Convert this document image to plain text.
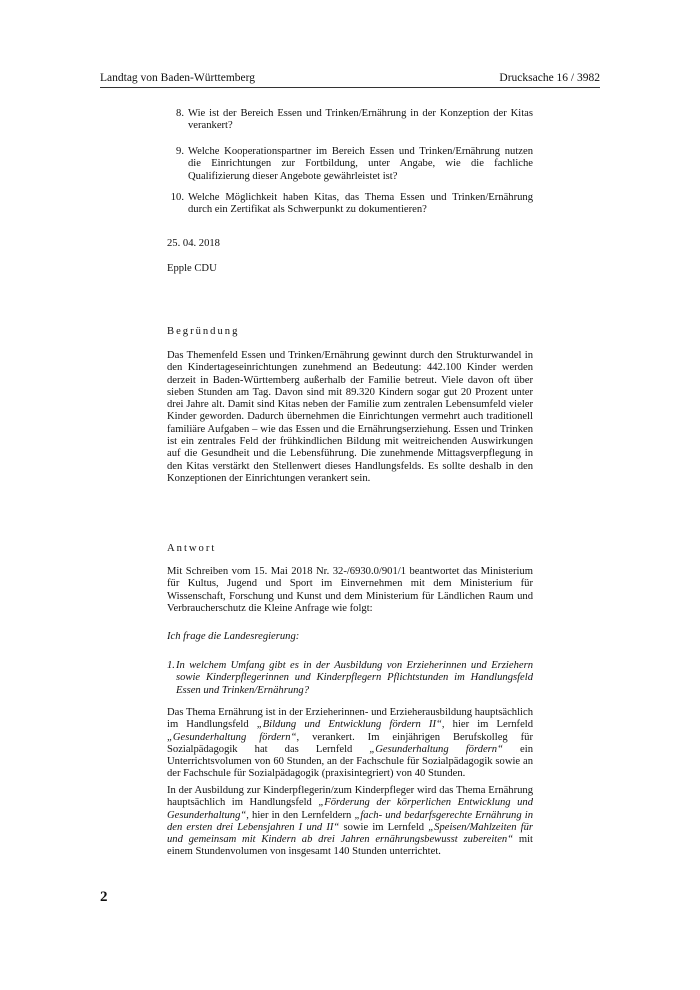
Landtag von Baden-Württemberg	Drucksache 16 / 3982
8. Wie ist der Bereich Essen und Trinken/Ernährung in der Konzeption der Kitas verankert?
9. Welche Kooperationspartner im Bereich Essen und Trinken/Ernährung nutzen die Einrichtungen zur Fortbildung, unter Angabe, wie die fachliche Qualifizierung dieser Angebote gewährleistet ist?
10. Welche Möglichkeit haben Kitas, das Thema Essen und Trinken/Ernährung durch ein Zertifikat als Schwerpunkt zu dokumentieren?
25. 04. 2018
Epple CDU
Begründung

Das Themenfeld Essen und Trinken/Ernährung gewinnt durch den Strukturwandel in den Kindertageseinrichtungen zunehmend an Bedeutung: 442.100 Kinder werden derzeit in Baden-Württemberg außerhalb der Familie betreut. Viele davon oft über sieben Stunden am Tag. Davon sind mit 89.320 Kindern sogar gut 20 Prozent unter drei Jahre alt. Damit sind Kitas neben der Familie zum zentralen Lebensumfeld vieler Kinder geworden. Dadurch übernehmen die Einrichtungen vermehrt auch traditionell familiäre Aufgaben – wie das Essen und die Ernährungserziehung. Essen und Trinken ist ein zentrales Feld der frühkindlichen Bildung mit weitreichenden Auswirkungen auf die Gesundheit und die Lebensführung. Die zunehmende Mittagsverpflegung in den Kitas verstärkt den Stellenwert dieses Handlungsfelds. Es sollte deshalb in den Konzeptionen der Einrichtungen verankert sein.

Antwort

Mit Schreiben vom 15. Mai 2018 Nr. 32-/6930.0/901/1 beantwortet das Ministerium für Kultus, Jugend und Sport im Einvernehmen mit dem Ministerium für Wissenschaft, Forschung und Kunst und dem Ministerium für Ländlichen Raum und Verbraucherschutz die Kleine Anfrage wie folgt:

Ich frage die Landesregierung:
1. In welchem Umfang gibt es in der Ausbildung von Erzieherinnen und Erziehern sowie Kinderpflegerinnen und Kinderpflegern Pflichtstunden im Handlungsfeld Essen und Trinken/Ernährung?

Das Thema Ernährung ist in der Erzieherinnen- und Erzieherausbildung hauptsächlich im Handlungsfeld „Bildung und Entwicklung fördern II“, hier im Lernfeld „Gesunderhaltung fördern“, verankert. Im einjährigen Berufskolleg für Sozialpädagogik hat das Lernfeld „Gesunderhaltung fördern“ ein Unterrichtsvolumen von 60 Stunden, an der Fachschule für Sozialpädagogik sowie an der Fachschule für Sozialpädagogik (praxisintegriert) von 40 Stunden.

In der Ausbildung zur Kinderpflegerin/zum Kinderpfleger wird das Thema Ernährung hauptsächlich im Handlungsfeld „Förderung der körperlichen Entwicklung und Gesunderhaltung“, hier in den Lernfeldern „fach- und bedarfsgerechte Ernährung in den ersten drei Lebensjahren I und II“ sowie im Lernfeld „Speisen/Mahlzeiten für und gemeinsam mit Kindern ab drei Jahren ernährungsbewusst zubereiten“ mit einem Stundenvolumen von insgesamt 140 Stunden unterrichtet.

2
